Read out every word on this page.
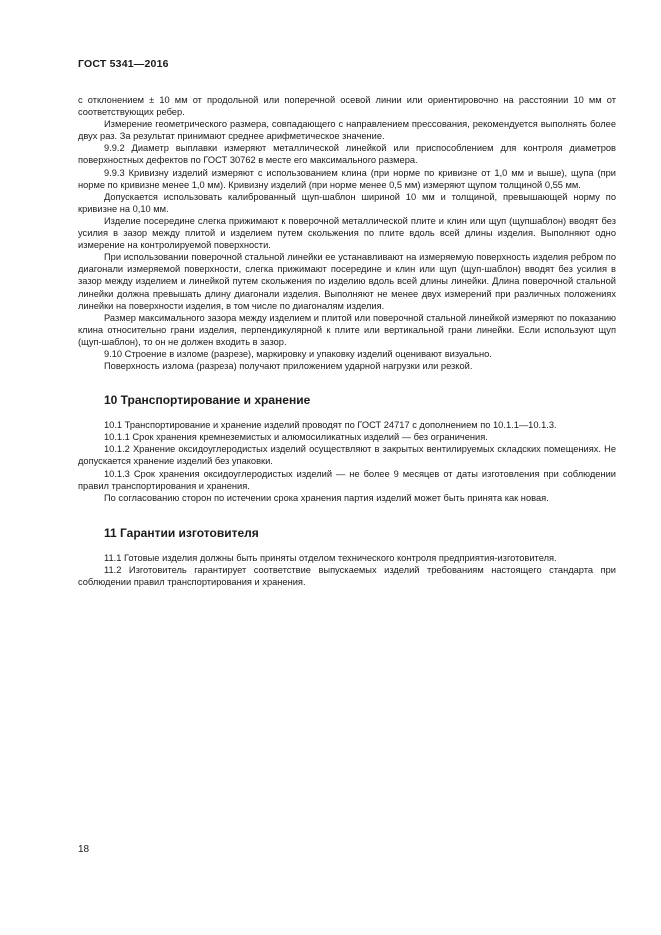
ГОСТ 5341—2016

с отклонением ± 10 мм от продольной или поперечной осевой линии или ориентировочно на расстоянии 10 мм от соответствующих ребер.

Измерение геометрического размера, совпадающего с направлением прессования, рекомендуется выполнять более двух раз. За результат принимают среднее арифметическое значение.

9.9.2 Диаметр выплавки измеряют металлической линейкой или приспособлением для контроля диаметров поверхностных дефектов по ГОСТ 30762 в месте его максимального размера.

9.9.3 Кривизну изделий измеряют с использованием клина (при норме по кривизне от 1,0 мм и выше), щупа (при норме по кривизне менее 1,0 мм). Кривизну изделий (при норме менее 0,5 мм) измеряют щупом толщиной 0,55 мм.

Допускается использовать калиброванный щуп-шаблон шириной 10 мм и толщиной, превышающей норму по кривизне на 0,10 мм.

Изделие посередине слегка прижимают к поверочной металлической плите и клин или щуп (щупшаблон) вводят без усилия в зазор между плитой и изделием путем скольжения по плите вдоль всей длины изделия. Выполняют одно измерение на контролируемой поверхности.

При использовании поверочной стальной линейки ее устанавливают на измеряемую поверхность изделия ребром по диагонали измеряемой поверхности, слегка прижимают посередине и клин или щуп (щуп-шаблон) вводят без усилия в зазор между изделием и линейкой путем скольжения по изделию вдоль всей длины линейки. Длина поверочной стальной линейки должна превышать длину диагонали изделия. Выполняют не менее двух измерений при различных положениях линейки на поверхности изделия, в том числе по диагоналям изделия.

Размер максимального зазора между изделием и плитой или поверочной стальной линейкой измеряют по показанию клина относительно грани изделия, перпендикулярной к плите или вертикальной грани линейки. Если используют щуп (щуп-шаблон), то он не должен входить в зазор.

9.10 Строение в изломе (разрезе), маркировку и упаковку изделий оценивают визуально.

Поверхность излома (разреза) получают приложением ударной нагрузки или резкой.

10 Транспортирование и хранение

10.1 Транспортирование и хранение изделий проводят по ГОСТ 24717 с дополнением по 10.1.1—10.1.3.

10.1.1 Срок хранения кремнеземистых и алюмосиликатных изделий — без ограничения.

10.1.2 Хранение оксидоуглеродистых изделий осуществляют в закрытых вентилируемых складских помещениях. Не допускается хранение изделий без упаковки.

10.1.3 Срок хранения оксидоуглеродистых изделий — не более 9 месяцев от даты изготовления при соблюдении правил транспортирования и хранения.

По согласованию сторон по истечении срока хранения партия изделий может быть принята как новая.

11 Гарантии изготовителя

11.1 Готовые изделия должны быть приняты отделом технического контроля предприятия-изготовителя.

11.2 Изготовитель гарантирует соответствие выпускаемых изделий требованиям настоящего стандарта при соблюдении правил транспортирования и хранения.

18
